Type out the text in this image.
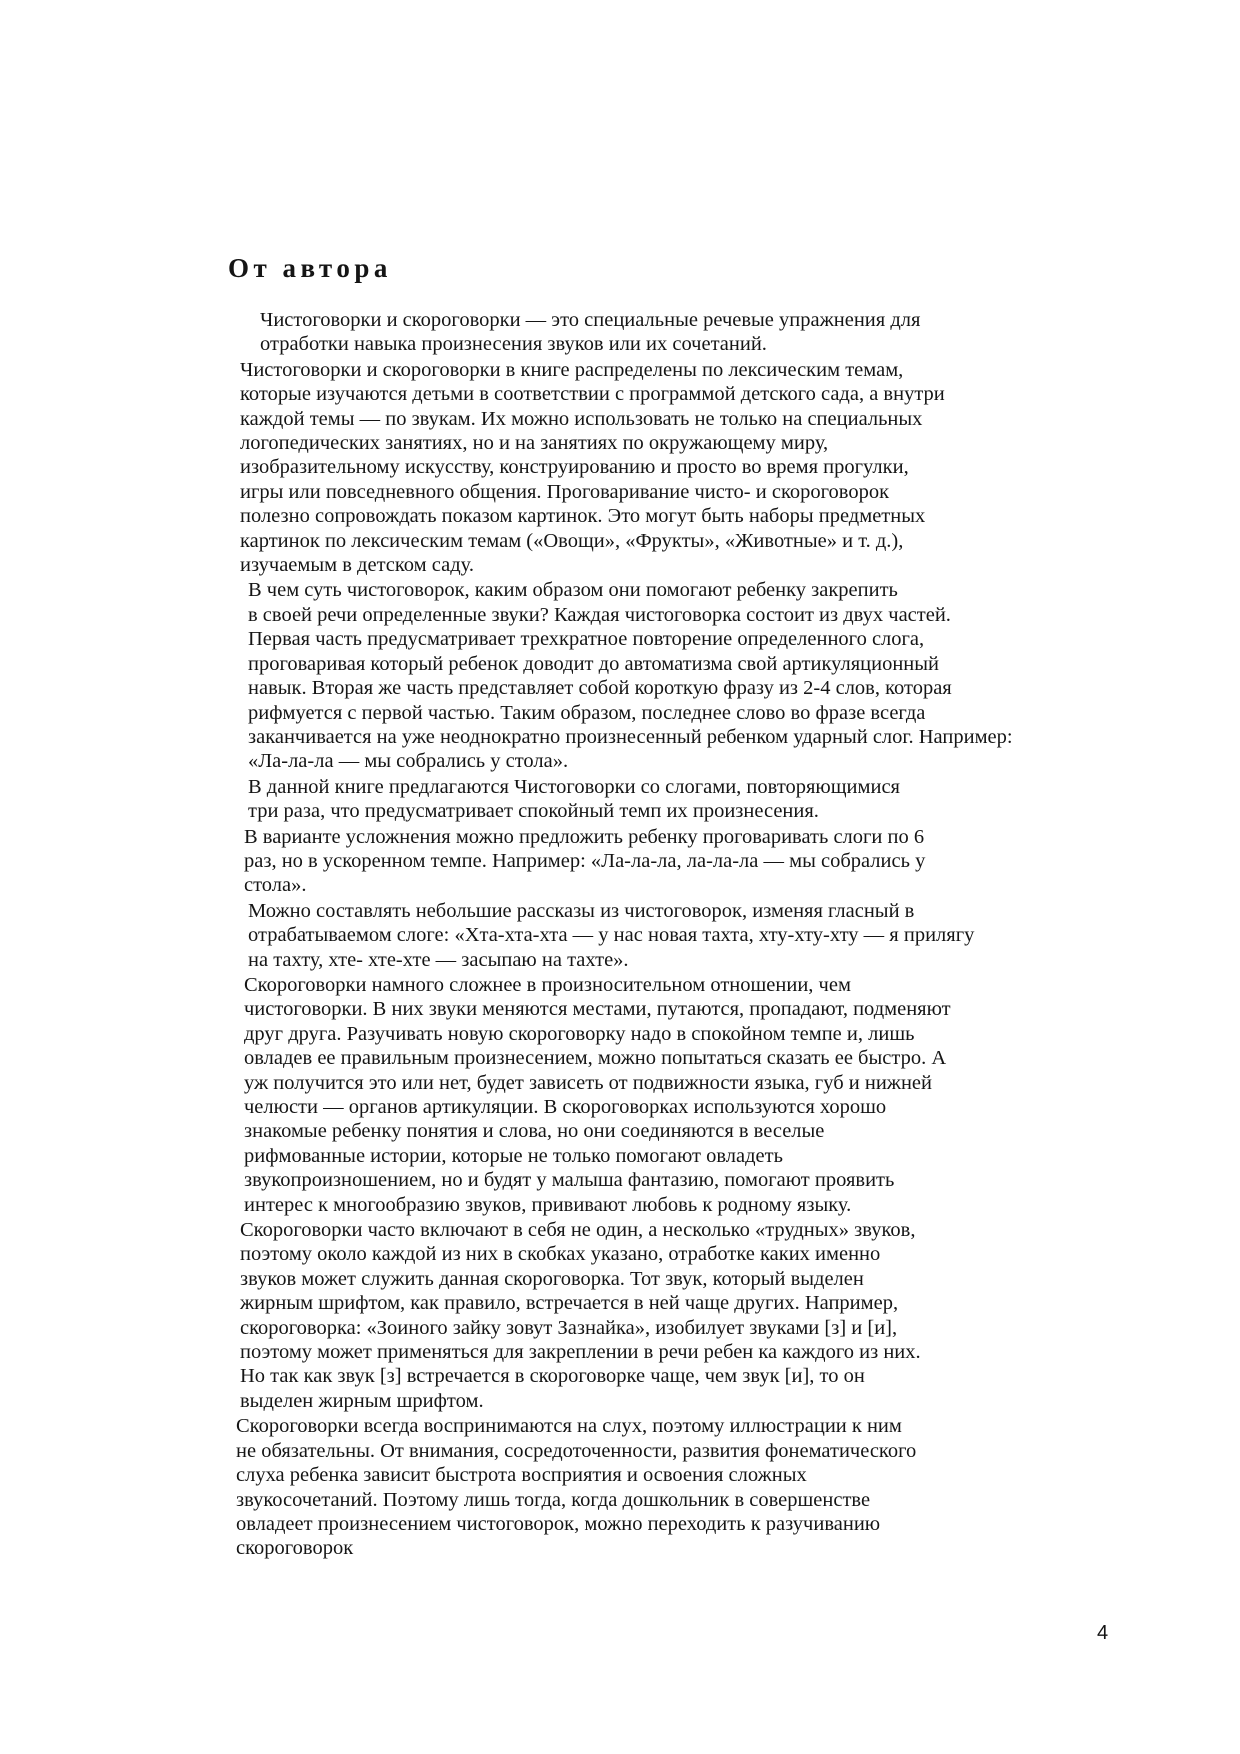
От автора

Чистоговорки и скороговорки — это специальные речевые упражнения для
отработки навыка произнесения звуков или их сочетаний.

Чистоговорки и скороговорки в книге распределены по лексическим темам,
которые изучаются детьми в соответствии с программой детского сада, а внутри
каждой темы — по звукам. Их можно использовать не только на специальных
логопедических занятиях, но и на занятиях по окружающему миру,
изобразительному искусству, конструированию и просто во время прогулки,
игры или повседневного общения. Проговаривание чисто- и скороговорок
полезно сопровождать показом картинок. Это могут быть наборы предметных
картинок по лексическим темам («Овощи», «Фрукты», «Животные» и т. д.),
изучаемым в детском саду.

В чем суть чистоговорок, каким образом они помогают ребенку закрепить
в своей речи определенные звуки? Каждая чистоговорка состоит из двух частей.
Первая часть предусматривает трехкратное повторение определенного слога,
проговаривая который ребенок доводит до автоматизма свой артикуляционный
навык. Вторая же часть представляет собой короткую фразу из 2-4 слов, которая
рифмуется с первой частью. Таким образом, последнее слово во фразе всегда
заканчивается на уже неоднократно произнесенный ребенком ударный слог. Например:
«Ла-ла-ла — мы собрались у стола».

В данной книге предлагаются Чистоговорки со слогами, повторяющимися
три раза, что предусматривает спокойный темп их произнесения.

В варианте усложнения можно предложить ребенку проговаривать слоги по 6
раз, но в ускоренном темпе. Например: «Ла-ла-ла, ла-ла-ла — мы собрались у
стола».

Можно составлять небольшие рассказы из чистоговорок, изменяя гласный в
отрабатываемом слоге: «Хта-хта-хта — у нас новая тахта, хту-хту-хту — я прилягу
на тахту, хте- хте-хте — засыпаю на тахте».

Скороговорки намного сложнее в произносительном отношении, чем
чистоговорки. В них звуки меняются местами, путаются, пропадают, подменяют
друг друга. Разучивать новую скороговорку надо в спокойном темпе и, лишь
овладев ее правильным произнесением, можно попытаться сказать ее быстро. А
уж получится это или нет, будет зависеть от подвижности языка, губ и нижней
челюсти — органов артикуляции. В скороговорках используются хорошо
знакомые ребенку понятия и слова, но они соединяются в веселые
рифмованные истории, которые не только помогают овладеть
звукопроизношением, но и будят у малыша фантазию, помогают проявить
интерес к многообразию звуков, прививают любовь к родному языку.

Скороговорки часто включают в себя не один, а несколько «трудных» звуков,
поэтому около каждой из них в скобках указано, отработке каких именно
звуков может служить данная скороговорка. Тот звук, который выделен
жирным шрифтом, как правило, встречается в ней чаще других. Например,
скороговорка: «Зоиного зайку зовут Зазнайка», изобилует звуками [з] и [и],
поэтому может применяться для закреплении в речи ребен ка каждого из них.
Но так как звук [з] встречается в скороговорке чаще, чем звук [и], то он
выделен жирным шрифтом.

Скороговорки всегда воспринимаются на слух, поэтому иллюстрации к ним
не обязательны. От внимания, сосредоточенности, развития фонематического
слуха ребенка зависит быстрота восприятия и освоения сложных
звукосочетаний. Поэтому лишь тогда, когда дошкольник в совершенстве
овладеет произнесением чистоговорок, можно переходить к разучиванию
скороговорок

4
